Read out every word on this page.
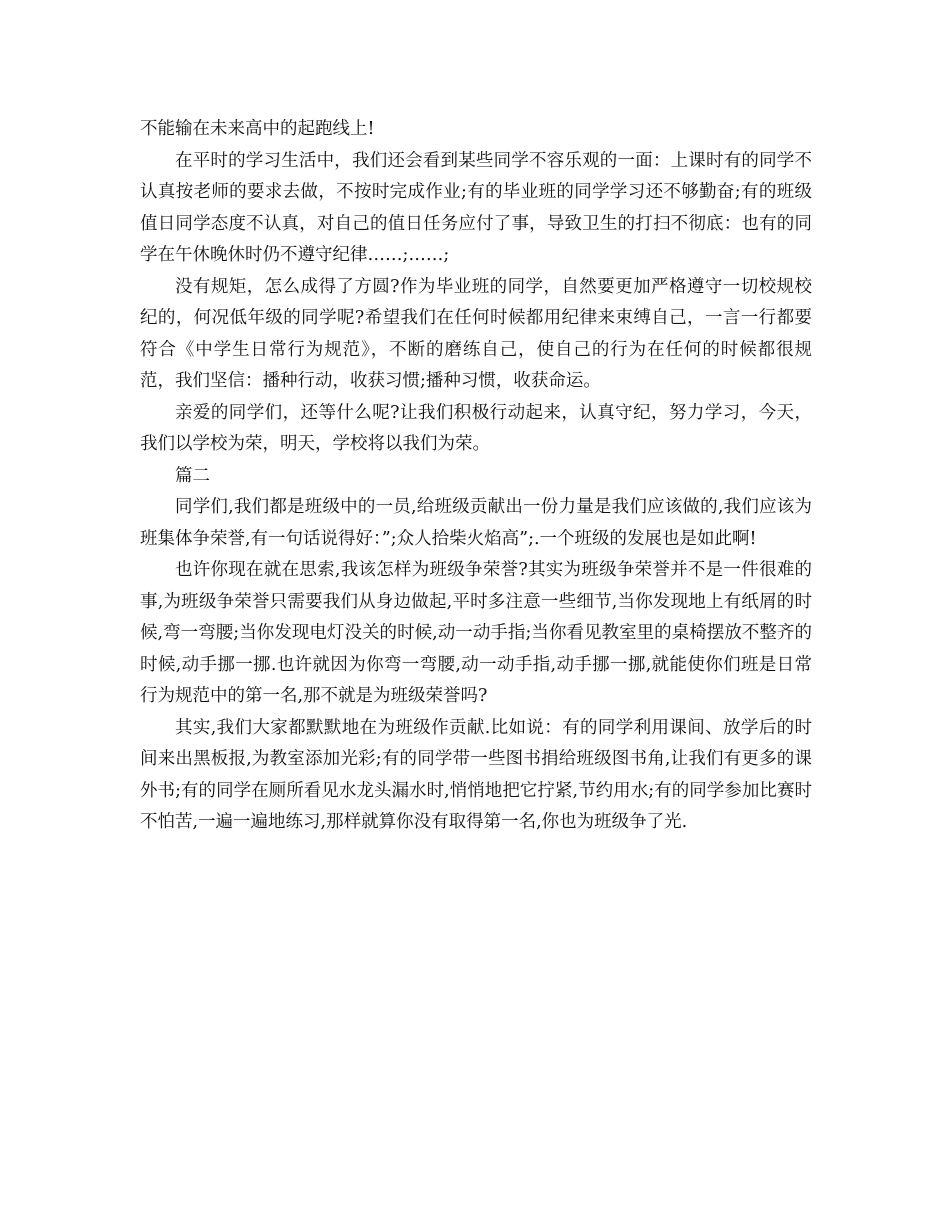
不能输在未来高中的起跑线上!

在平时的学习生活中，我们还会看到某些同学不容乐观的一面：上课时有的同学不认真按老师的要求去做，不按时完成作业;有的毕业班的同学学习还不够勤奋;有的班级值日同学态度不认真，对自己的值日任务应付了事，导致卫生的打扫不彻底：也有的同学在午休晚休时仍不遵守纪律……;……;

没有规矩，怎么成得了方圆?作为毕业班的同学，自然要更加严格遵守一切校规校纪的，何况低年级的同学呢?希望我们在任何时候都用纪律来束缚自己，一言一行都要符合《中学生日常行为规范》，不断的磨练自己，使自己的行为在任何的时候都很规范，我们坚信：播种行动，收获习惯;播种习惯，收获命运。

亲爱的同学们，还等什么呢?让我们积极行动起来，认真守纪，努力学习，今天，我们以学校为荣，明天，学校将以我们为荣。

篇二

同学们,我们都是班级中的一员,给班级贡献出一份力量是我们应该做的,我们应该为班集体争荣誉,有一句话说得好：”;众人拾柴火焰高”;.一个班级的发展也是如此啊!

也许你现在就在思索,我该怎样为班级争荣誉?其实为班级争荣誉并不是一件很难的事,为班级争荣誉只需要我们从身边做起,平时多注意一些细节,当你发现地上有纸屑的时候,弯一弯腰;当你发现电灯没关的时候,动一动手指;当你看见教室里的桌椅摆放不整齐的时候,动手挪一挪.也许就因为你弯一弯腰,动一动手指,动手挪一挪,就能使你们班是日常行为规范中的第一名,那不就是为班级荣誉吗?

其实,我们大家都默默地在为班级作贡献.比如说：有的同学利用课间、放学后的时间来出黑板报,为教室添加光彩;有的同学带一些图书捐给班级图书角,让我们有更多的课外书;有的同学在厕所看见水龙头漏水时,悄悄地把它拧紧,节约用水;有的同学参加比赛时不怕苦,一遍一遍地练习,那样就算你没有取得第一名,你也为班级争了光.
